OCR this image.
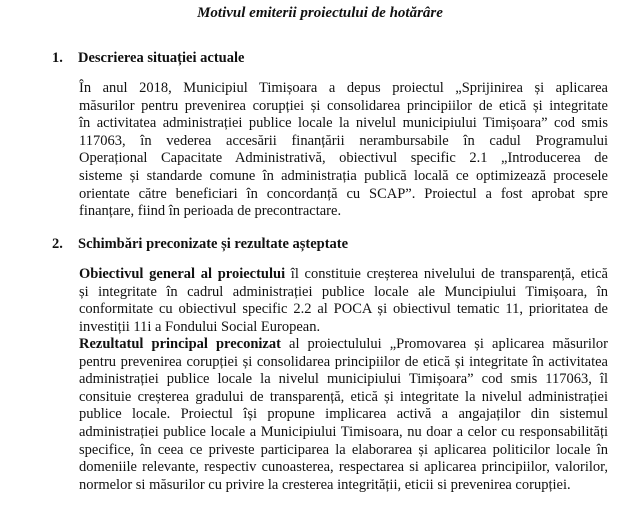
Motivul emiterii proiectului de hotărâre
1. Descrierea situației actuale
În anul 2018, Municipiul Timișoara a depus proiectul „Sprijinirea și aplicarea
măsurilor pentru prevenirea corupției și consolidarea principiilor de etică și integritate
în activitatea administrației publice locale la nivelul municipiului Timișoara” cod smis
117063, în vederea accesării finanțării nerambursabile în cadul Programului
Operațional Capacitate Administrativă, obiectivul specific 2.1 „Introducerea de
sisteme și standarde comune în administrația publică locală ce optimizează procesele
orientate către beneficiari în concordanță cu SCAP”. Proiectul a fost aprobat spre
finanțare, fiind în perioada de precontractare.
2. Schimbări preconizate și rezultate așteptate
Obiectivul general al proiectului îl constituie creșterea nivelului de transparență, etică
și integritate în cadrul administrației publice locale ale Muncipiului Timișoara, în
conformitate cu obiectivul specific 2.2 al POCA și obiectivul tematic 11, prioritatea de
investiții 11i a Fondului Social European.
Rezultatul principal preconizat al proiectulului „Promovarea și aplicarea măsurilor
pentru prevenirea corupției și consolidarea principiilor de etică și integritate în activitatea
administrației publice locale la nivelul municipiului Timișoara” cod smis 117063, îl
consituie creșterea gradului de transparență, etică și integritate la nivelul administrației
publice locale. Proiectul își propune implicarea activă a angajaților din sistemul
administrației publice locale a Municipiului Timisoara, nu doar a celor cu responsabilități
specifice, în ceea ce priveste participarea la elaborarea și aplicarea politicilor locale în
domeniile relevante, respectiv cunoasterea, respectarea si aplicarea principiilor, valorilor,
normelor si măsurilor cu privire la cresterea integrității, eticii si prevenirea corupției.
